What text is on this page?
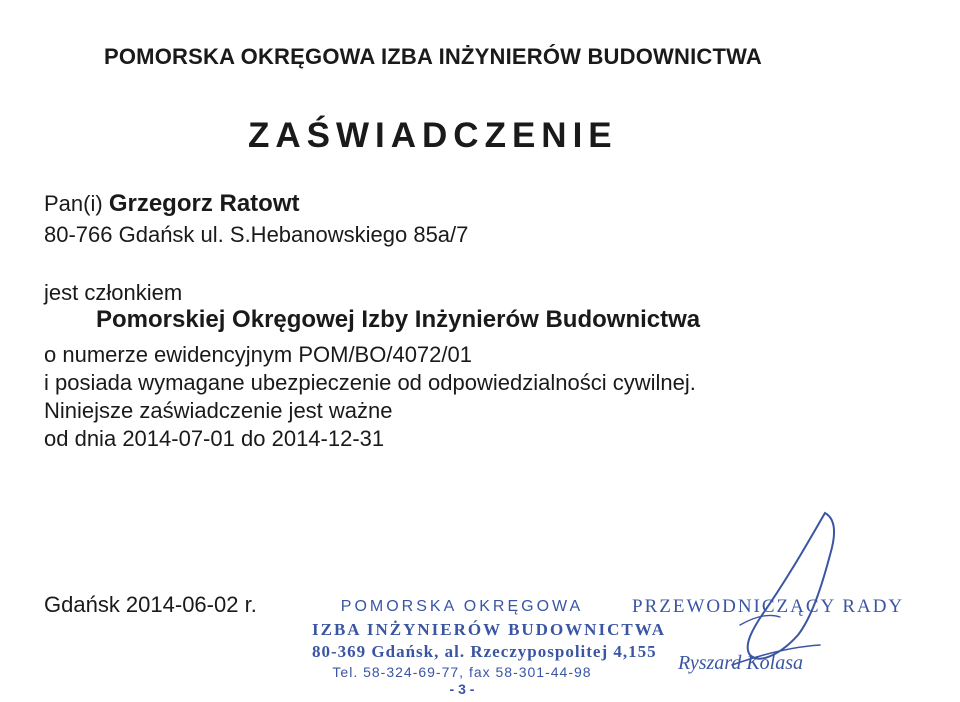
POMORSKA OKRĘGOWA IZBA INŻYNIERÓW BUDOWNICTWA
ZAŚWIADCZENIE
Pan(i) Grzegorz Ratowt
80-766 Gdańsk ul. S.Hebanowskiego 85a/7
jest członkiem
Pomorskiej Okręgowej Izby Inżynierów Budownictwa
o numerze ewidencyjnym POM/BO/4072/01
i posiada wymagane ubezpieczenie od odpowiedzialności cywilnej.
Niniejsze zaświadczenie jest ważne
od dnia 2014-07-01 do 2014-12-31
Gdańsk 2014-06-02 r.	POMORSKA OKRĘGOWA
IZBA INŻYNIERÓW BUDOWNICTWA
80-369 Gdańsk, al. Rzeczypospolitej 4,155
Tel. 58-324-69-77, fax 58-301-44-98
- 3 -
PRZEWODNICZĄCY RADY
Ryszard Kolasa
